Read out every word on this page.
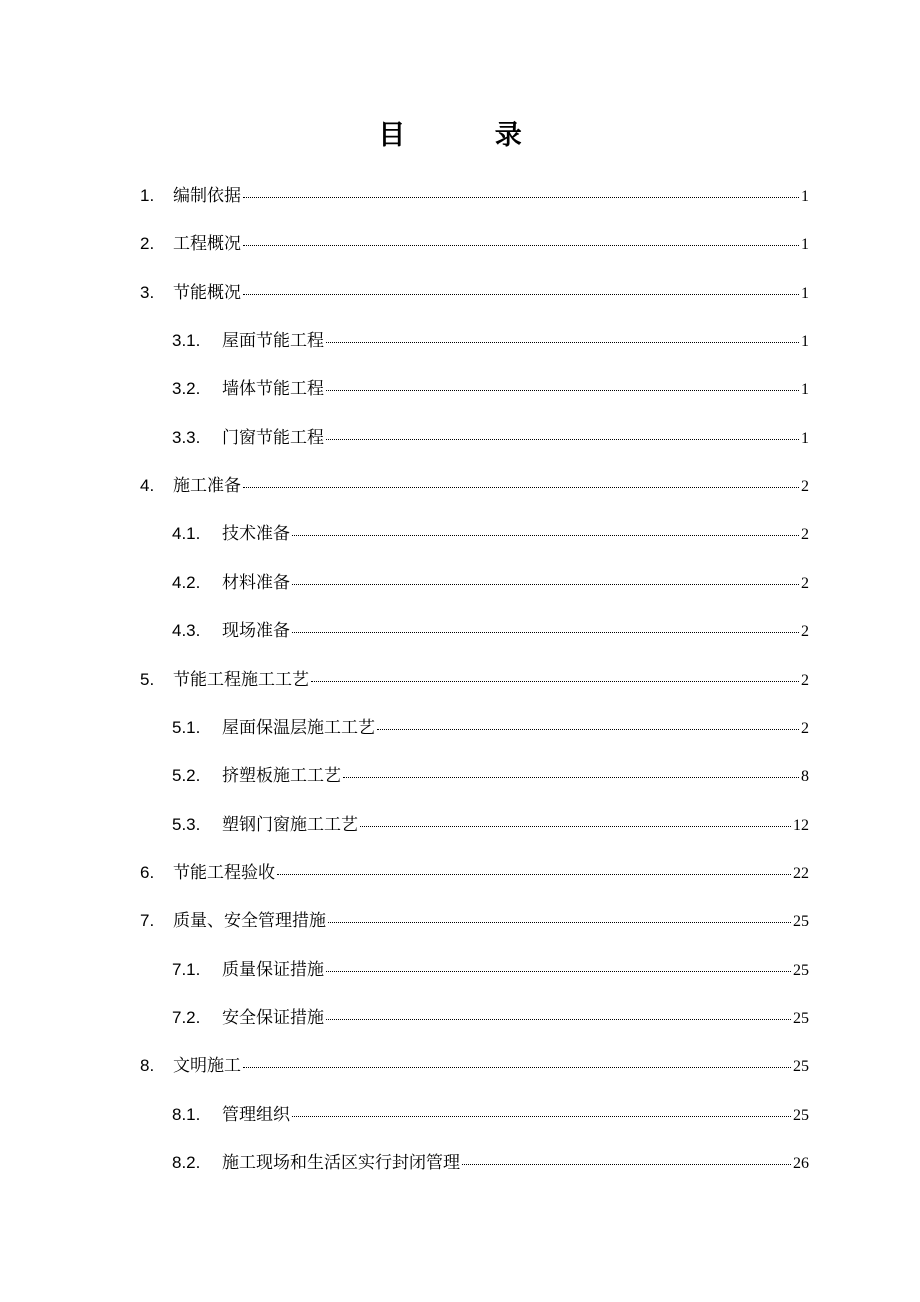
目 录
1.	编制依据	1
2.	工程概况	1
3.	节能概况	1
3.1.	屋面节能工程	1
3.2.	墙体节能工程	1
3.3.	门窗节能工程	1
4.	施工准备	2
4.1.	技术准备	2
4.2.	材料准备	2
4.3.	现场准备	2
5.	节能工程施工工艺	2
5.1.	屋面保温层施工工艺	2
5.2.	挤塑板施工工艺	8
5.3.	塑钢门窗施工工艺	12
6.	节能工程验收	22
7.	质量、安全管理措施	25
7.1.	质量保证措施	25
7.2.	安全保证措施	25
8.	文明施工	25
8.1.	管理组织	25
8.2.	施工现场和生活区实行封闭管理	26
